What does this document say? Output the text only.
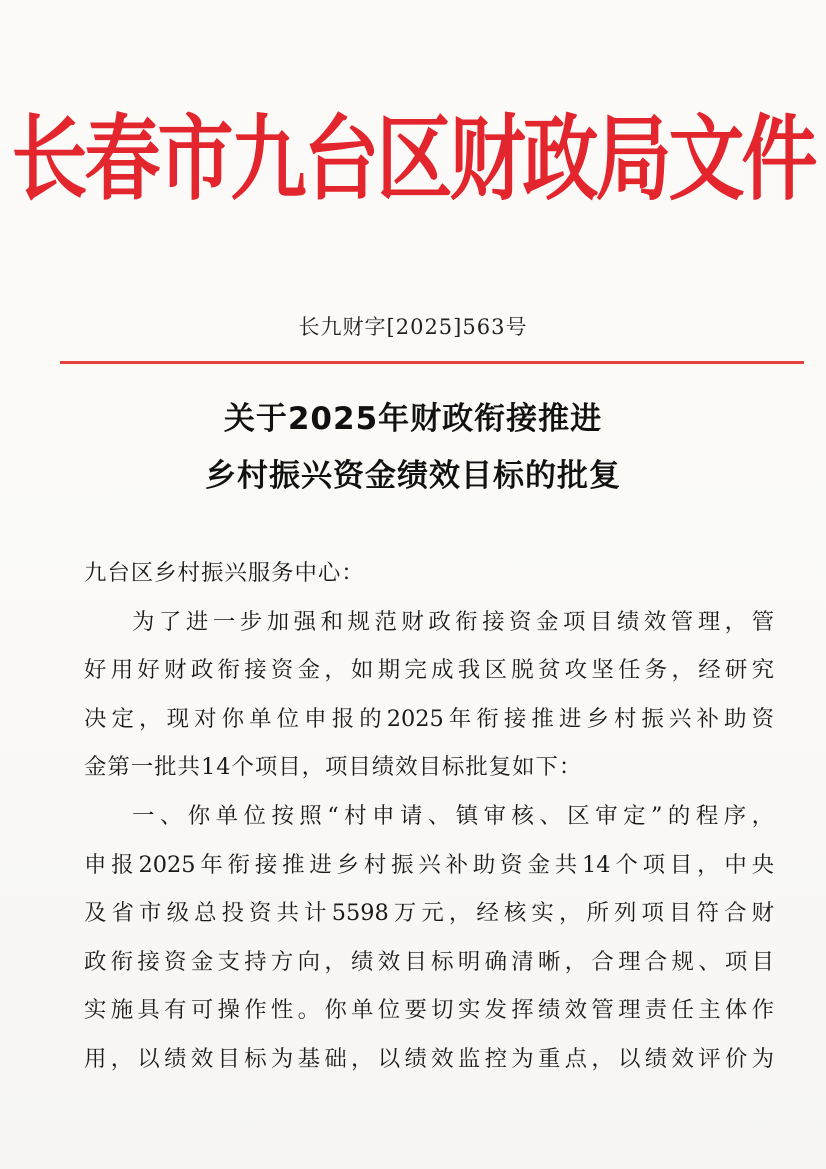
长春市九台区财政局文件
长九财字[2025]563号
关于2025年财政衔接推进
乡村振兴资金绩效目标的批复
九台区乡村振兴服务中心：
为了进一步加强和规范财政衔接资金项目绩效管理，管
好用好财政衔接资金，如期完成我区脱贫攻坚任务，经研究
决定，现对你单位申报的2025年衔接推进乡村振兴补助资
金第一批共14个项目，项目绩效目标批复如下：
一、你单位按照“村申请、镇审核、区审定”的程序，
申报2025年衔接推进乡村振兴补助资金共14个项目，中央
及省市级总投资共计5598万元，经核实，所列项目符合财
政衔接资金支持方向，绩效目标明确清晰，合理合规、项目
实施具有可操作性。你单位要切实发挥绩效管理责任主体作
用，以绩效目标为基础，以绩效监控为重点，以绩效评价为
